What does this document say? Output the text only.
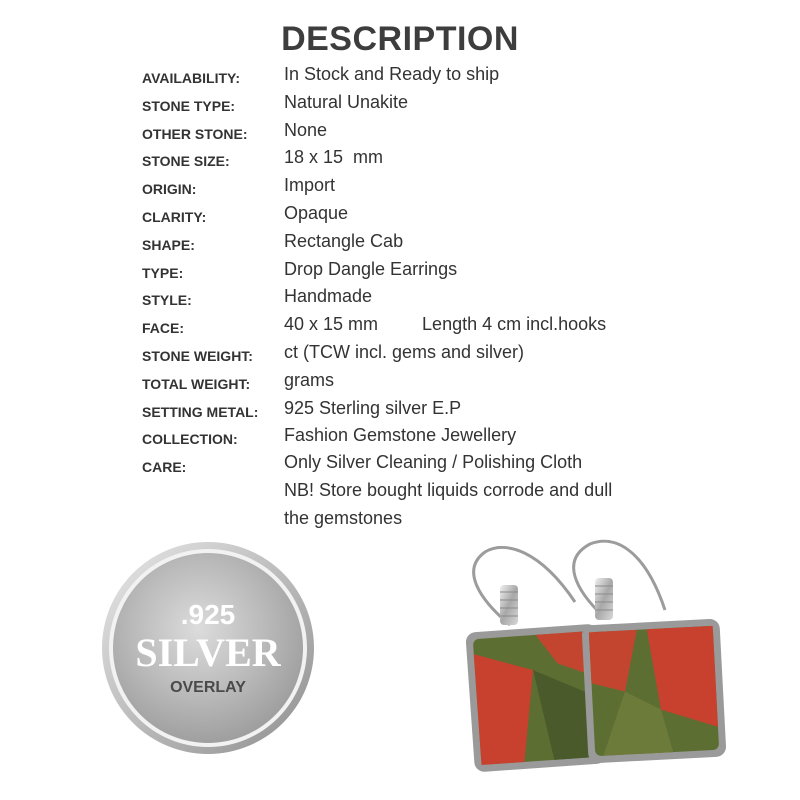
DESCRIPTION
AVAILABILITY: In Stock and Ready to ship
STONE TYPE:	Natural Unakite
OTHER STONE: None
STONE SIZE:	18 x 15  mm
ORIGIN:	Import
CLARITY:	Opaque
SHAPE:	Rectangle Cab
TYPE:	Drop Dangle Earrings
STYLE:	Handmade
FACE:	40 x 15 mm Length 4 cm incl.hooks
STONE WEIGHT: ct (TCW incl. gems and silver)
TOTAL WEIGHT: grams
SETTING METAL: 925 Sterling silver E.P
COLLECTION:	Fashion Gemstone Jewellery
CARE:	Only Silver Cleaning / Polishing Cloth
NB! Store bought liquids corrode and dull
the gemstones
.925
SILVER
OVERLAY
